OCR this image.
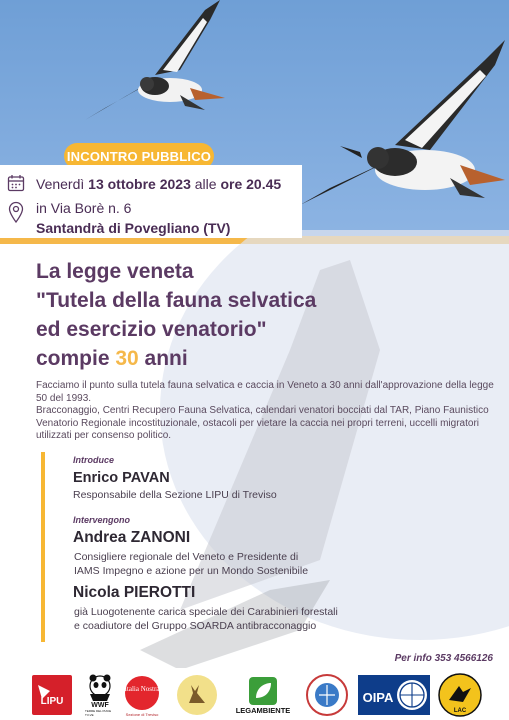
INCONTRO PUBBLICO
Venerdì 13 ottobre 2023 alle ore 20.45
in Via Borè n. 6
Santandrà di Povegliano (TV)
La legge veneta
"Tutela della fauna selvatica
ed esercizio venatorio"
compie 30 anni

Facciamo il punto sulla tutela fauna selvatica e caccia in Veneto a 30 anni dall'approvazione della legge 50 del 1993.

Bracconaggio, Centri Recupero Fauna Selvatica, calendari venatori bocciati dal TAR, Piano Faunistico Venatorio Regionale incostituzionale, ostacoli per vietare la caccia nei propri terreni, uccelli migratori utilizzati per consenso politico.

Introduce
Enrico PAVAN
Responsabile della Sezione LIPU di Treviso
Intervengono
Andrea ZANONI
Consigliere regionale del Veneto e Presidente di
IAMS Impegno e azione per un Mondo Sostenibile
Nicola PIEROTTI
già Luogotenente carica speciale dei Carabinieri forestali
e coadiutore del Gruppo SOARDA antibracconaggio
Per info 353 4566126
LIPU	WWF
TERRE DEL PIAVE TV-VE
Italia Nostra
Sezione di Treviso	LEGAMBIENTE
OIPA
LAC
